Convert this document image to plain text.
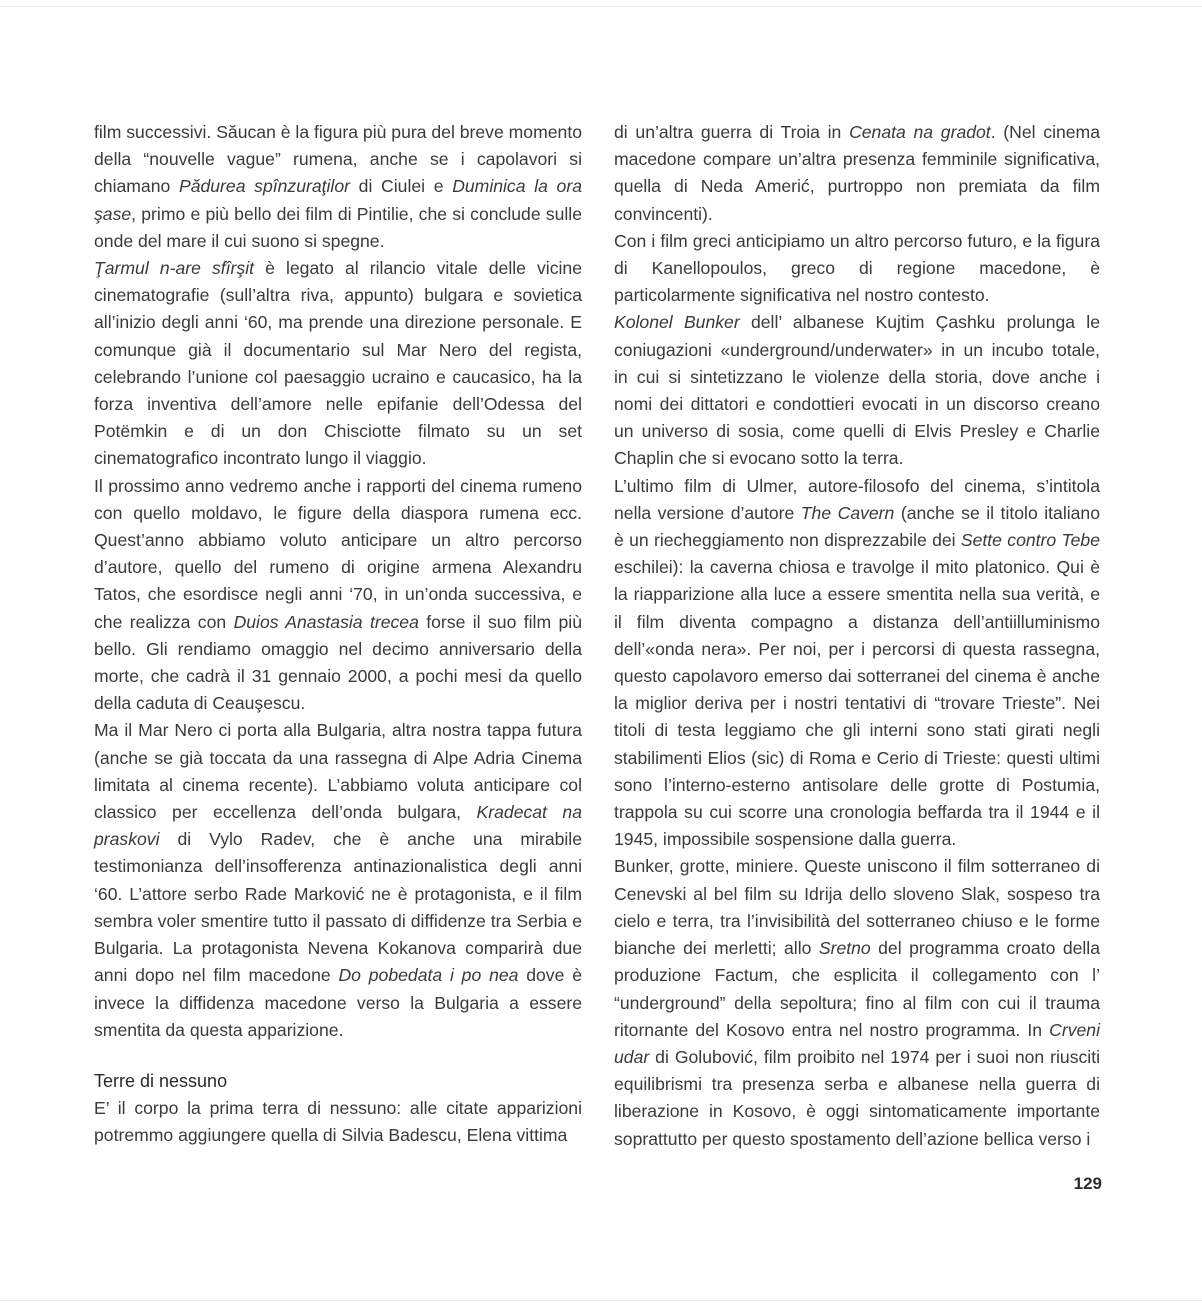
film successivi. Săucan è la figura più pura del breve momento della “nouvelle vague” rumena, anche se i capolavori si chiamano Pădurea spînzuraţilor di Ciulei e Duminica la ora şase, primo e più bello dei film di Pintilie, che si conclude sulle onde del mare il cui suono si spegne.

Ţarmul n-are sfîrşit è legato al rilancio vitale delle vicine cinematografie (sull’altra riva, appunto) bulgara e sovietica all’inizio degli anni ‘60, ma prende una direzione personale. E comunque già il documentario sul Mar Nero del regista, celebrando l’unione col paesaggio ucraino e caucasico, ha la forza inventiva dell’amore nelle epifanie dell’Odessa del Potëmkin e di un don Chisciotte filmato su un set cinematografico incontrato lungo il viaggio.

Il prossimo anno vedremo anche i rapporti del cinema rumeno con quello moldavo, le figure della diaspora rumena ecc. Quest’anno abbiamo voluto anticipare un altro percorso d’autore, quello del rumeno di origine armena Alexandru Tatos, che esordisce negli anni ‘70, in un’onda successiva, e che realizza con Duios Anastasia trecea forse il suo film più bello. Gli rendiamo omaggio nel decimo anniversario della morte, che cadrà il 31 gennaio 2000, a pochi mesi da quello della caduta di Ceauşescu.

Ma il Mar Nero ci porta alla Bulgaria, altra nostra tappa futura (anche se già toccata da una rassegna di Alpe Adria Cinema limitata al cinema recente). L’abbiamo voluta anticipare col classico per eccellenza dell’onda bulgara, Kradecat na praskovi di Vylo Radev, che è anche una mirabile testimonianza dell’insofferenza antinazionalistica degli anni ‘60. L’attore serbo Rade Marković ne è protagonista, e il film sembra voler smentire tutto il passato di diffidenze tra Serbia e Bulgaria. La protagonista Nevena Kokanova comparirà due anni dopo nel film macedone Do pobedata i po nea dove è invece la diffidenza macedone verso la Bulgaria a essere smentita da questa apparizione.

Terre di nessuno

E’ il corpo la prima terra di nessuno: alle citate apparizioni potremmo aggiungere quella di Silvia Badescu, Elena vittima

di un’altra guerra di Troia in Cenata na gradot. (Nel cinema macedone compare un’altra presenza femminile significativa, quella di Neda Amerić, purtroppo non premiata da film convincenti).

Con i film greci anticipiamo un altro percorso futuro, e la figura di Kanellopoulos, greco di regione macedone, è particolarmente significativa nel nostro contesto.

Kolonel Bunker dell’ albanese Kujtim Çashku prolunga le coniugazioni «underground/underwater» in un incubo totale, in cui si sintetizzano le violenze della storia, dove anche i nomi dei dittatori e condottieri evocati in un discorso creano un universo di sosia, come quelli di Elvis Presley e Charlie Chaplin che si evocano sotto la terra.

L’ultimo film di Ulmer, autore-filosofo del cinema, s’intitola nella versione d’autore The Cavern (anche se il titolo italiano è un riecheggiamento non disprezzabile dei Sette contro Tebe eschilei): la caverna chiosa e travolge il mito platonico. Qui è la riapparizione alla luce a essere smentita nella sua verità, e il film diventa compagno a distanza dell’antiilluminismo dell’«onda nera». Per noi, per i percorsi di questa rassegna, questo capolavoro emerso dai sotterranei del cinema è anche la miglior deriva per i nostri tentativi di “trovare Trieste”. Nei titoli di testa leggiamo che gli interni sono stati girati negli stabilimenti Elios (sic) di Roma e Cerio di Trieste: questi ultimi sono l’interno-esterno antisolare delle grotte di Postumia, trappola su cui scorre una cronologia beffarda tra il 1944 e il 1945, impossibile sospensione dalla guerra.

Bunker, grotte, miniere. Queste uniscono il film sotterraneo di Cenevski al bel film su Idrija dello sloveno Slak, sospeso tra cielo e terra, tra l’invisibilità del sotterraneo chiuso e le forme bianche dei merletti; allo Sretno del programma croato della produzione Factum, che esplicita il collegamento con l’ “underground” della sepoltura; fino al film con cui il trauma ritornante del Kosovo entra nel nostro programma. In Crveni udar di Golubović, film proibito nel 1974 per i suoi non riusciti equilibrismi tra presenza serba e albanese nella guerra di liberazione in Kosovo, è oggi sintomaticamente importante soprattutto per questo spostamento dell’azione bellica verso i

129
